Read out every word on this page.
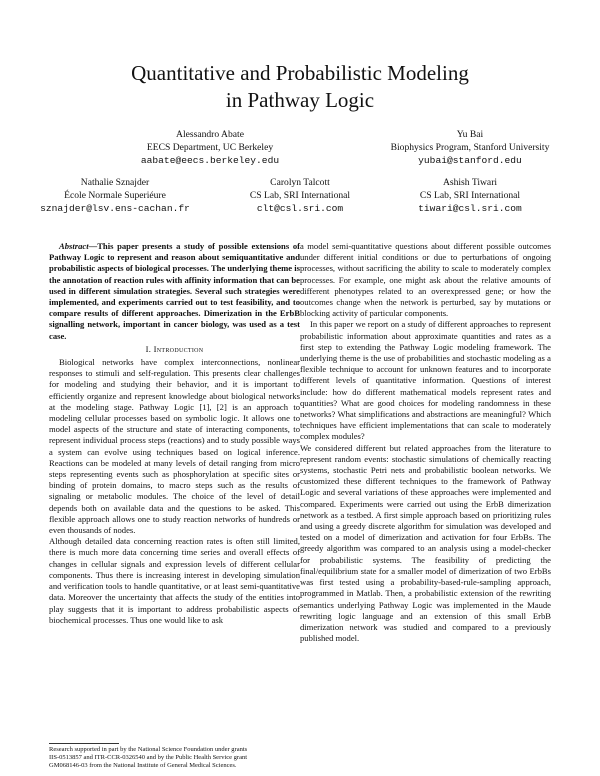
Quantitative and Probabilistic Modeling
in Pathway Logic
Alessandro Abate
EECS Department, UC Berkeley
aabate@eecs.berkeley.edu
Yu Bai
Biophysics Program, Stanford University
yubai@stanford.edu
Nathalie Sznajder
École Normale Superiéure
sznajder@lsv.ens-cachan.fr
Carolyn Talcott
CS Lab, SRI International
clt@csl.sri.com
Ashish Tiwari
CS Lab, SRI International
tiwari@csl.sri.com

Abstract—This paper presents a study of possible extensions of Pathway Logic to represent and reason about semiquantitative and probabilistic aspects of biological processes. The underlying theme is the annotation of reaction rules with affinity information that can be used in different simulation strategies. Several such strategies were implemented, and experiments carried out to test feasibility, and to compare results of different approaches. Dimerization in the ErbB signalling network, important in cancer biology, was used as a test case.

I. Introduction

Biological networks have complex interconnections, nonlinear responses to stimuli and self-regulation. This presents clear challenges for modeling and studying their behavior, and it is important to efficiently organize and represent knowledge about biological networks at the modeling stage. Pathway Logic [1], [2] is an approach to modeling cellular processes based on symbolic logic. It allows one to model aspects of the structure and state of interacting components, to represent individual process steps (reactions) and to study possible ways a system can evolve using techniques based on logical inference. Reactions can be modeled at many levels of detail ranging from micro steps representing events such as phosphorylation at specific sites or binding of protein domains, to macro steps such as the results of signaling or metabolic modules. The choice of the level of detail depends both on available data and the questions to be asked. This flexible approach allows one to study reaction networks of hundreds or even thousands of nodes.

Although detailed data concerning reaction rates is often still limited, there is much more data concerning time series and overall effects of changes in cellular signals and expression levels of different cellular components. Thus there is increasing interest in developing simulation and verification tools to handle quantitative, or at least semi-quantitative data. Moreover the uncertainty that affects the study of the entities into play suggests that it is important to address probabilistic aspects of biochemical processes. Thus one would like to ask

a model semi-quantitative questions about different possible outcomes under different initial conditions or due to perturbations of ongoing processes, without sacrificing the ability to scale to moderately complex processes. For example, one might ask about the relative amounts of different phenotypes related to an overexpressed gene; or how the outcomes change when the network is perturbed, say by mutations or blocking activity of particular components.

In this paper we report on a study of different approaches to represent probabilistic information about approximate quantities and rates as a first step to extending the Pathway Logic modeling framework. The underlying theme is the use of probabilities and stochastic modeling as a flexible technique to account for unknown features and to incorporate different levels of quantitative information. Questions of interest include: how do different mathematical models represent rates and quantities? What are good choices for modeling randomness in these networks? What simplifications and abstractions are meaningful? Which techniques have efficient implementations that can scale to moderately complex modules?

We considered different but related approaches from the literature to represent random events: stochastic simulations of chemically reacting systems, stochastic Petri nets and probabilistic boolean networks. We customized these different techniques to the framework of Pathway Logic and several variations of these approaches were implemented and compared. Experiments were carried out using the ErbB dimerization network as a testbed. A first simple approach based on prioritizing rules and using a greedy discrete algorithm for simulation was developed and tested on a model of dimerization and activation for four ErbBs. The greedy algorithm was compared to an analysis using a model-checker for probabilistic systems. The feasibility of predicting the final/equilibrium state for a smaller model of dimerization of two ErbBs was first tested using a probability-based-rule-sampling approach, programmed in Matlab. Then, a probabilistic extension of the rewriting semantics underlying Pathway Logic was implemented in the Maude rewriting logic language and an extension of this small ErbB dimerization network was studied and compared to a previously published model.

Research supported in part by the National Science Foundation under grants
IIS-0513857 and ITR-CCR-0326540 and by the Public Health Service grant
GM068146-03 from the National Institute of General Medical Sciences.
